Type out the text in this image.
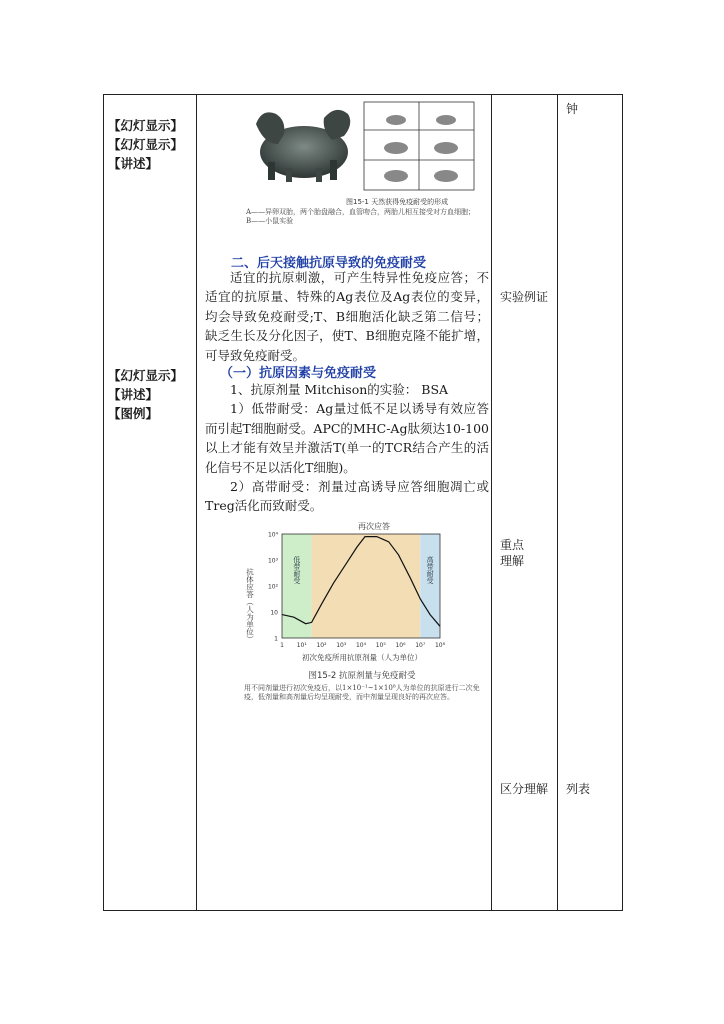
【幻灯显示】
【幻灯显示】
【讲述】
【幻灯显示】
【讲述】
【图例】
图15-1 天然获得免疫耐受的形成
A——异卵双胎，两个胎盘融合，血管吻合，两胎儿相互接受对方血细胞；B——小鼠实验
二、后天接触抗原导致的免疫耐受

适宜的抗原刺激，可产生特异性免疫应答；不适宜的抗原量、特殊的Ag表位及Ag表位的变异，均会导致免疫耐受;T、B细胞活化缺乏第二信号；缺乏生长及分化因子，使T、B细胞克隆不能扩增，可导致免疫耐受。

（一）抗原因素与免疫耐受

1、抗原剂量 Mitchison的实验： BSA

1）低带耐受：Ag量过低不足以诱导有效应答而引起T细胞耐受。APC的MHC-Ag肽须达10-100以上才能有效呈并激活T(单一的TCR结合产生的活化信号不足以活化T细胞)。

2）高带耐受：剂量过高诱导应答细胞凋亡或Treg活化而致耐受。

再次应答
低带耐受	高带耐受
10⁴
10³
10²
10
1
1 10¹ 10² 10³ 10⁴ 10⁵ 10⁶ 10⁷ 10⁸
抗体应答（人为单位）
初次免疫所用抗原剂量（人为单位）
图15-2 抗原剂量与免疫耐受
用不同剂量进行初次免疫后，以1×10⁻¹~1×10⁸人为单位的抗原进行二次免疫，低剂量和高剂量后均呈现耐受，而中剂量呈现良好的再次应答。
钟
实验例证
重点
理解
区分理解 列表
